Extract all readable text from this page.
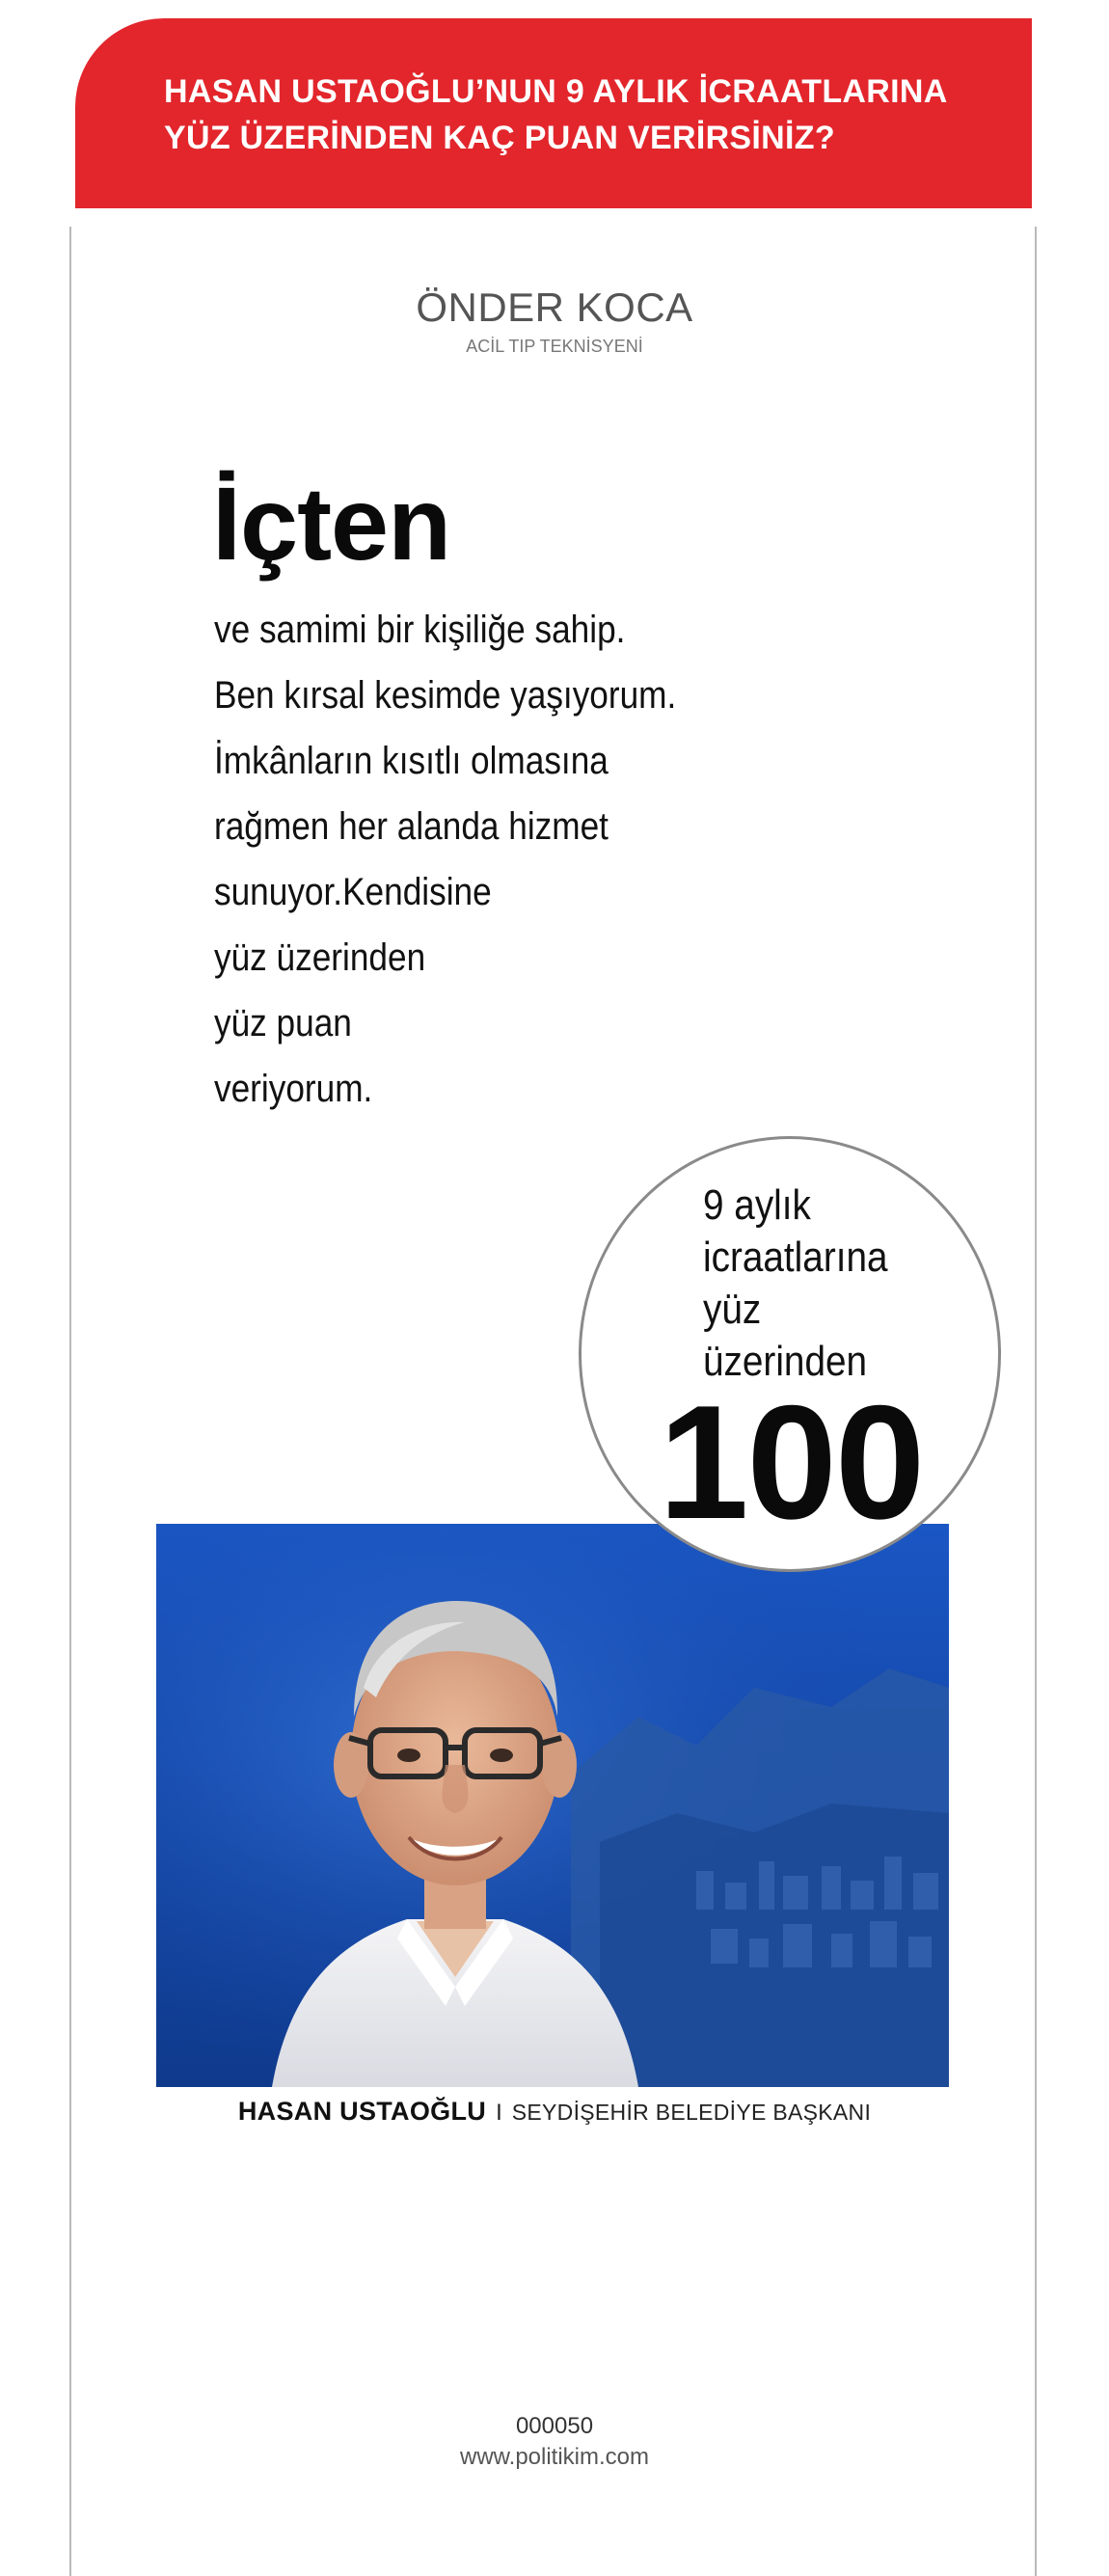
HASAN USTAOĞLU’NUN 9 AYLIK İCRAATLARINA
YÜZ ÜZERİNDEN KAÇ PUAN VERİRSİNİZ?
ÖNDER KOCA
ACİL TIP TEKNİSYENİ
İçten
ve samimi bir kişiliğe sahip.
Ben kırsal kesimde yaşıyorum.
İmkânların kısıtlı olmasına
rağmen her alanda hizmet
sunuyor.Kendisine
yüz üzerinden
yüz puan
veriyorum.
9 aylık
icraatlarına
yüz
üzerinden
100
HASAN USTAOĞLU I SEYDİŞEHİR BELEDİYE BAŞKANI
000050
www.politikim.com
